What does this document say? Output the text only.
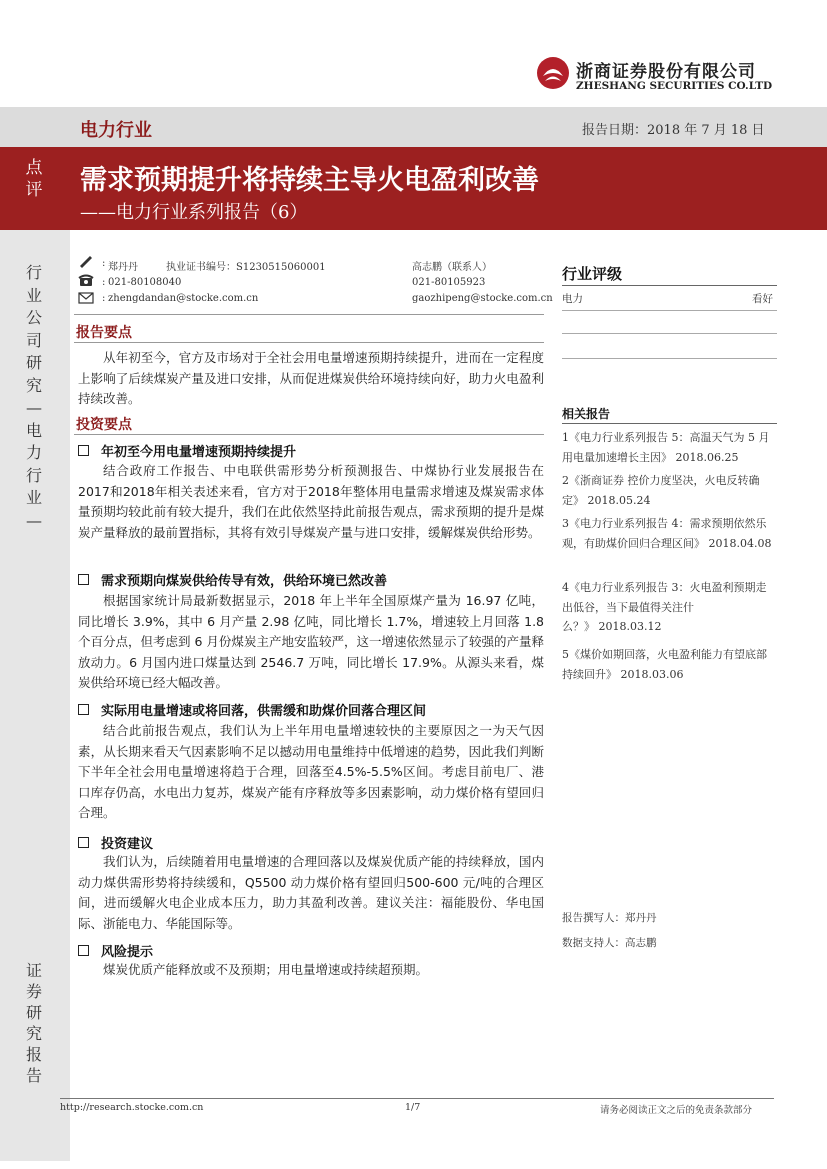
浙商证券股份有限公司
ZHESHANG SECURITIES CO.LTD
电力行业	报告日期：2018 年 7 月 18 日
点评 需求预期提升将持续主导火电盈利改善
——电力行业系列报告（6）
行业公司研究—电力行业—
证券研究报告
: 郑丹丹	执业证书编号：S1230515060001	高志鹏（联系人）
: 021-80108040	021-80105923
: zhengdandan@stocke.com.cn	gaozhipeng@stocke.com.cn
报告要点
从年初至今，官方及市场对于全社会用电量增速预期持续提升，进而在一定程度上影响了后续煤炭产量及进口安排，从而促进煤炭供给环境持续向好，助力火电盈利持续改善。
投资要点
年初至今用电量增速预期持续提升
结合政府工作报告、中电联供需形势分析预测报告、中煤协行业发展报告在2017和2018年相关表述来看，官方对于2018年整体用电量需求增速及煤炭需求体量预期均较此前有较大提升，我们在此依然坚持此前报告观点，需求预期的提升是煤炭产量释放的最前置指标，其将有效引导煤炭产量与进口安排，缓解煤炭供给形势。
需求预期向煤炭供给传导有效，供给环境已然改善
根据国家统计局最新数据显示，2018 年上半年全国原煤产量为 16.97 亿吨，同比增长 3.9%，其中 6 月产量 2.98 亿吨，同比增长 1.7%，增速较上月回落 1.8 个百分点，但考虑到 6 月份煤炭主产地安监较严，这一增速依然显示了较强的产量释放动力。6 月国内进口煤量达到 2546.7 万吨，同比增长 17.9%。从源头来看，煤炭供给环境已经大幅改善。
实际用电量增速或将回落，供需缓和助煤价回落合理区间
结合此前报告观点，我们认为上半年用电量增速较快的主要原因之一为天气因素，从长期来看天气因素影响不足以撼动用电量维持中低增速的趋势，因此我们判断下半年全社会用电量增速将趋于合理，回落至4.5%-5.5%区间。考虑目前电厂、港口库存仍高，水电出力复苏，煤炭产能有序释放等多因素影响，动力煤价格有望回归合理。
投资建议
我们认为，后续随着用电量增速的合理回落以及煤炭优质产能的持续释放，国内动力煤供需形势将持续缓和，Q5500 动力煤价格有望回归500-600 元/吨的合理区间，进而缓解火电企业成本压力，助力其盈利改善。建议关注：福能股份、华电国际、浙能电力、华能国际等。
风险提示
煤炭优质产能释放或不及预期；用电量增速或持续超预期。
行业评级
电力	看好
相关报告
1《电力行业系列报告 5：高温天气为 5 月用电量加速增长主因》 2018.06.25
2《浙商证券 控价力度坚决，火电反转确定》 2018.05.24
3《电力行业系列报告 4：需求预期依然乐观，有助煤价回归合理区间》 2018.04.08
4《电力行业系列报告 3：火电盈利预期走出低谷，当下最值得关注什么？》 2018.03.12
5《煤价如期回落，火电盈利能力有望底部持续回升》 2018.03.06
报告撰写人：郑丹丹
数据支持人：高志鹏
http://research.stocke.com.cn	1/7	请务必阅读正文之后的免责条款部分
